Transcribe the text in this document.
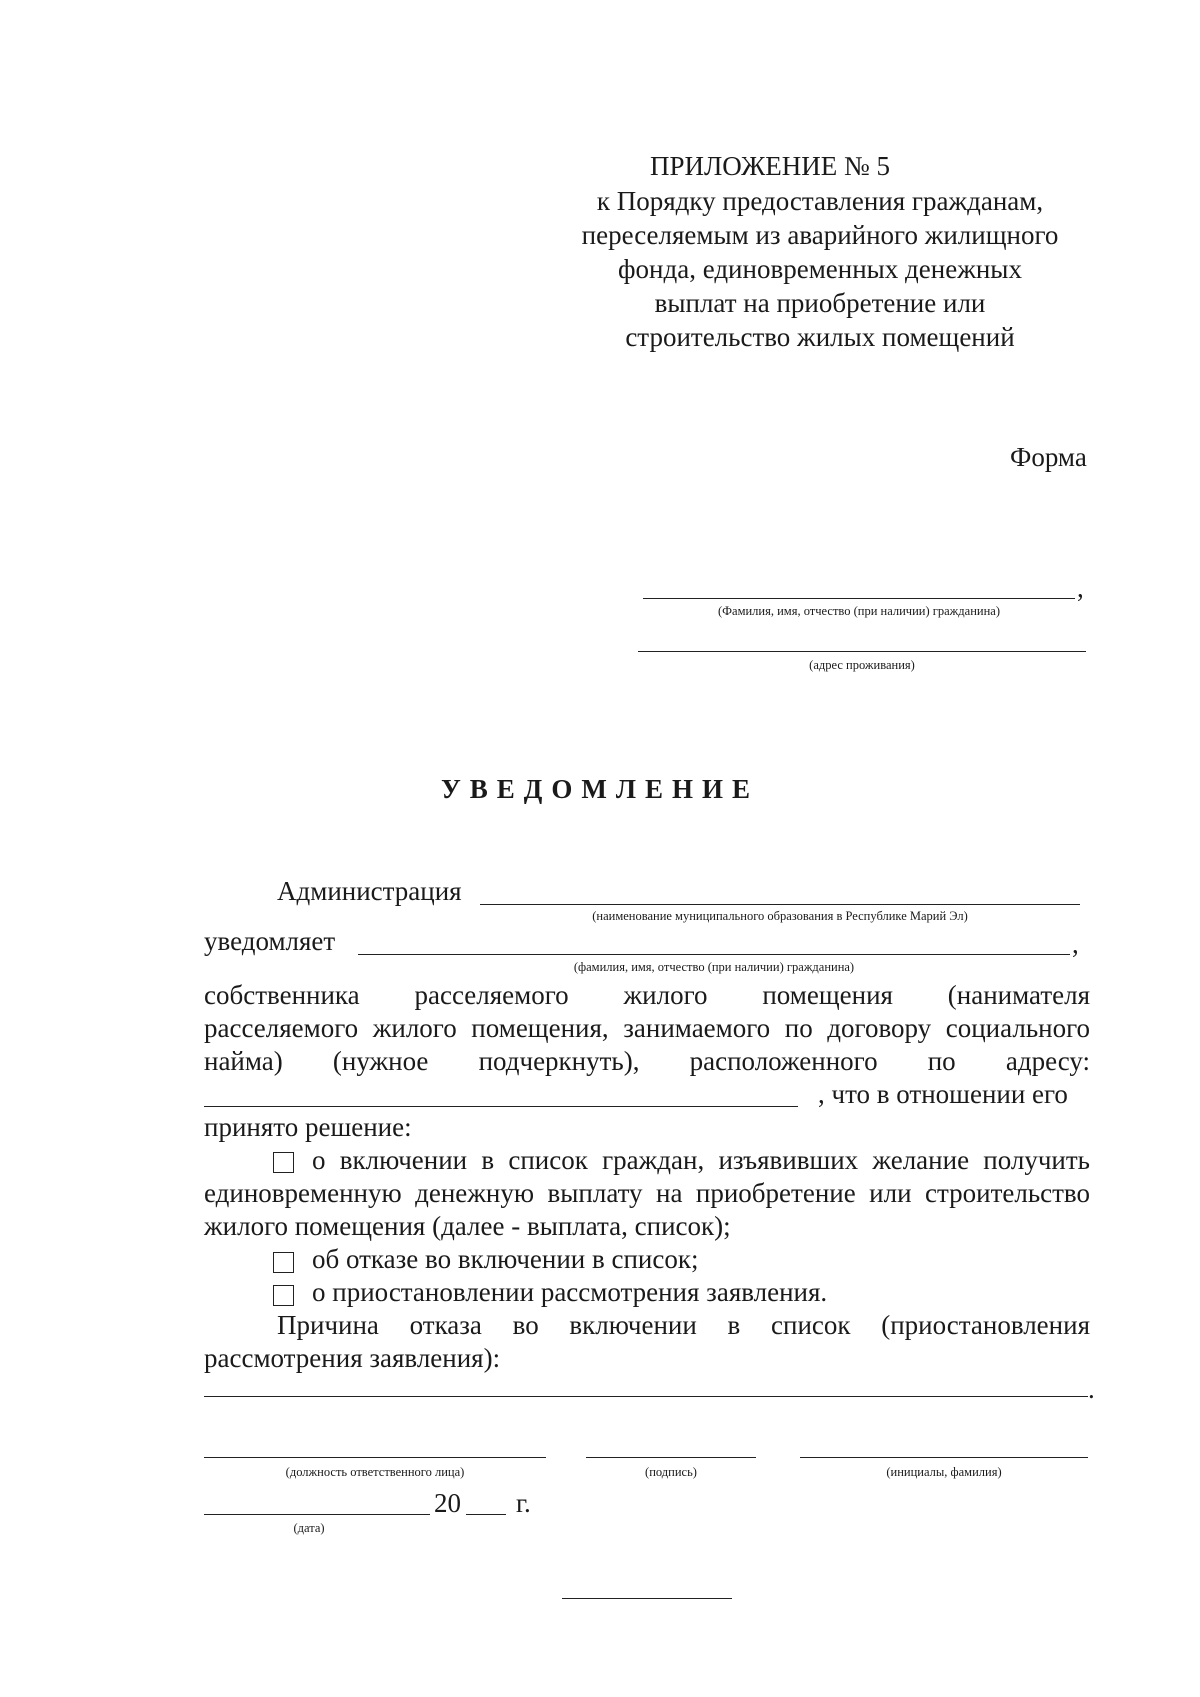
ПРИЛОЖЕНИЕ № 5
к Порядку предоставления гражданам,
переселяемым из аварийного жилищного
фонда, единовременных денежных
выплат на приобретение или
строительство жилых помещений
Форма
,
(Фамилия, имя, отчество (при наличии) гражданина)
(адрес проживания)
УВЕДОМЛЕНИЕ
Администрация
(наименование муниципального образования в Республике Марий Эл)
уведомляет	,
(фамилия, имя, отчество (при наличии) гражданина)
собственника расселяемого жилого помещения (нанимателя
расселяемого жилого помещения, занимаемого по договору социального
найма) (нужное подчеркнуть), расположенного по адресу:
, что в отношении его
принято решение:
о включении в список граждан, изъявивших желание получить
единовременную денежную выплату на приобретение или строительство
жилого помещения (далее - выплата, список);
об отказе во включении в список;
о приостановлении рассмотрения заявления.
Причина отказа во включении в список (приостановления
рассмотрения заявления):
.
(должность ответственного лица)	(подпись)	(инициалы, фамилия)
20 г.
(дата)
